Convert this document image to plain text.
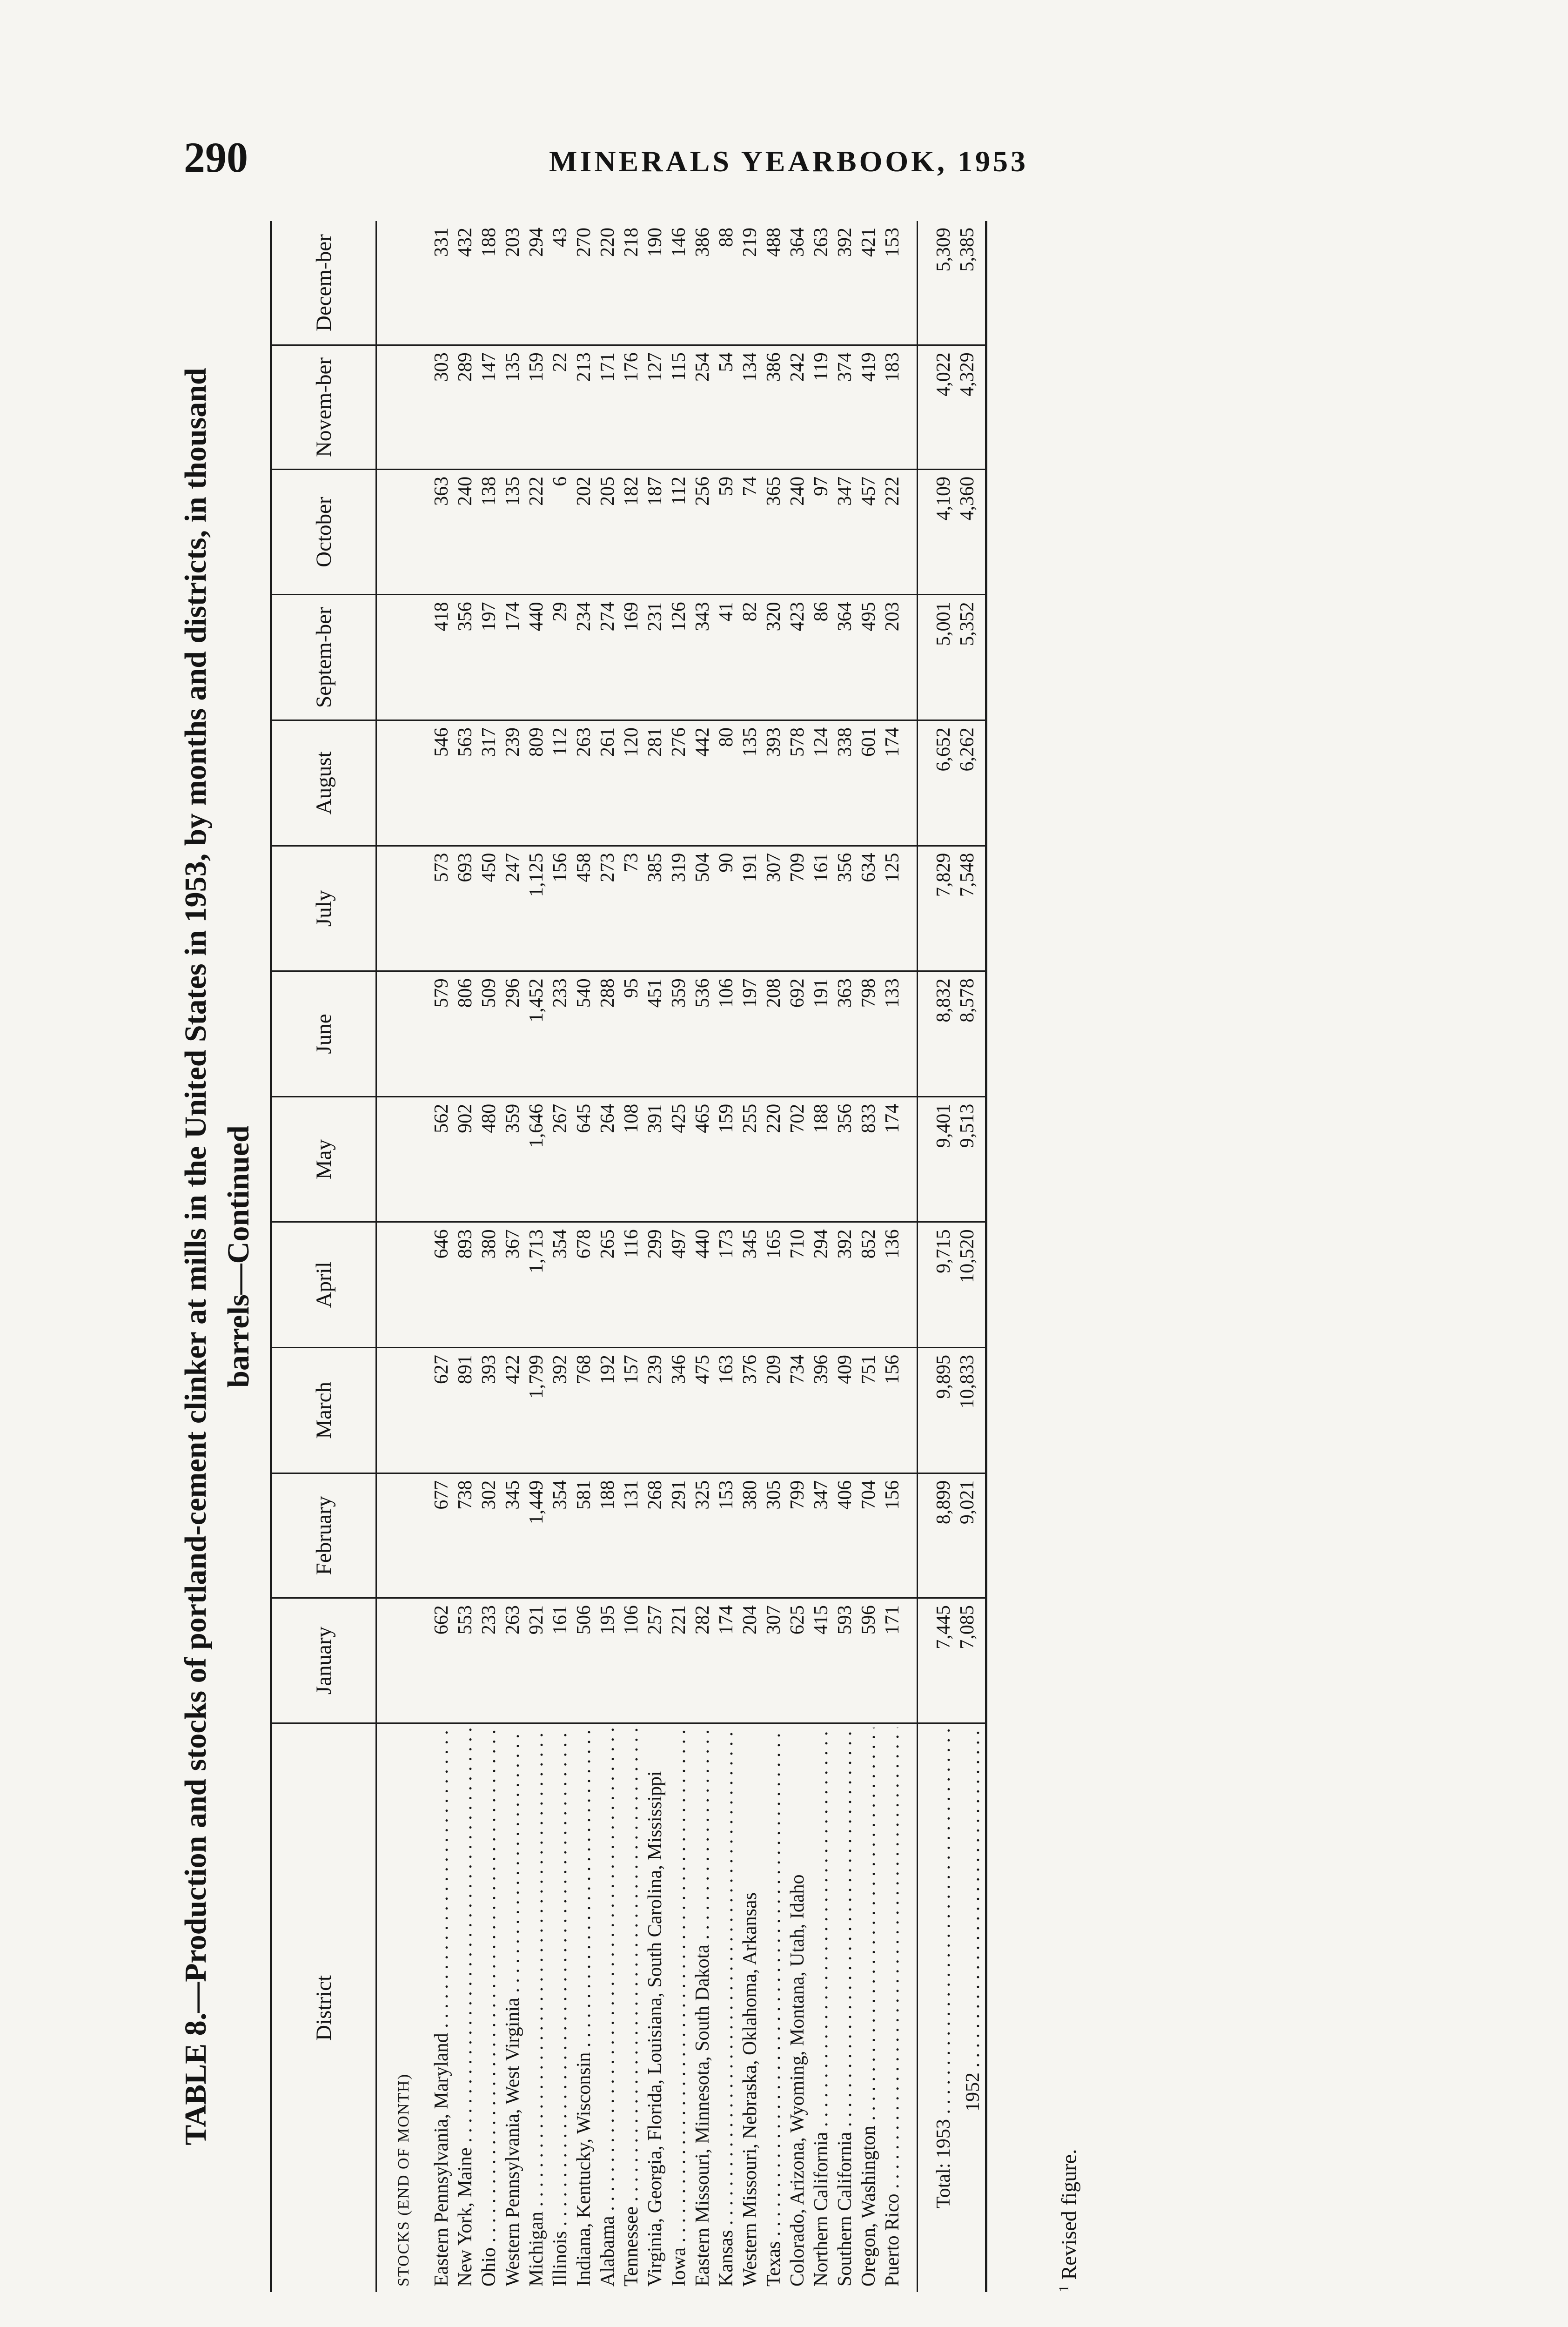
290	MINERALS YEARBOOK, 1953
TABLE 8.—Production and stocks of portland-cement clinker at mills in the United States in 1953, by months and districts, in thousand barrels—Continued
District	January	February	March	April	May	June	July	August	Septem-ber	October	Novem-ber	Decem-ber
STOCKS (END OF MONTH)												

Eastern Pennsylvania, Maryland . . .	662	677	627	646	562	579	573	546	418	363	303	331

New York, Maine . . .	553	738	891	893	902	806	693	563	356	240	289	432

Ohio . . .	233	302	393	380	480	509	450	317	197	138	147	188

Western Pennsylvania, West Virginia . . .	263	345	422	367	359	296	247	239	174	135	135	203

Michigan . . .	921	1,449	1,799	1,713	1,646	1,452	1,125	809	440	222	159	294

Illinois . . .	161	354	392	354	267	233	156	112	29	6	22	43

Indiana, Kentucky, Wisconsin . . .	506	581	768	678	645	540	458	263	234	202	213	270

Alabama . . .	195	188	192	265	264	288	273	261	274	205	171	220

Tennessee . . .	106	131	157	116	108	95	73	120	169	182	176	218

Virginia, Georgia, Florida, Louisiana, South Carolina, Mississippi	257	268	239	299	391	451	385	281	231	187	127	190

Iowa . . .	221	291	346	497	425	359	319	276	126	112	115	146

Eastern Missouri, Minnesota, South Dakota . . .	282	325	475	440	465	536	504	442	343	256	254	386

Kansas . . .	174	153	163	173	159	106	90	80	41	59	54	88

Western Missouri, Nebraska, Oklahoma, Arkansas	204	380	376	345	255	197	191	135	82	74	134	219

Texas . . .	307	305	209	165	220	208	307	393	320	365	386	488

Colorado, Arizona, Wyoming, Montana, Utah, Idaho	625	799	734	710	702	692	709	578	423	240	242	364

Northern California . . .	415	347	396	294	188	191	161	124	86	97	119	263

Southern California . . .	593	406	409	392	356	363	356	338	364	347	374	392

Oregon, Washington . . .	596	704	751	852	833	798	634	601	495	457	419	421

Puerto Rico . . .	171	156	156	136	174	133	125	174	203	222	183	153

Total: 1953 . . .	7,445	8,899	9,895	9,715	9,401	8,832	7,829	6,652	5,001	4,109	4,022	5,309

1952 . . .	7,085	9,021	10,833	10,520	9,513	8,578	7,548	6,262	5,352	4,360	4,329	5,385
$^1$ Revised figure.
